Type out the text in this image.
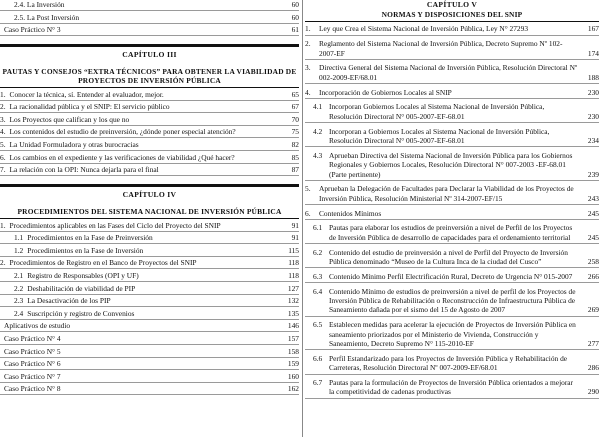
2.4. La Inversión	60
2.5. La Post Inversión	60
Caso Práctico N° 3	61
CAPÍTULO III
PAUTAS Y CONSEJOS “EXTRA TÉCNICOS” PARA OBTENER LA VIABILIDAD DE PROYECTOS DE INVERSIÓN PÚBLICA
1. Conocer la técnica, sí. Entender al evaluador, mejor.	65
2. La racionalidad pública y el SNIP: El servicio público	67
3. Los Proyectos que califican y los que no	70
4. Los contenidos del estudio de preinversión, ¿dónde poner especial atención?	75
5. La Unidad Formuladora y otras burocracias	82
6. Los cambios en el expediente y las verificaciones de viabilidad ¿Qué hacer?	85
7. La relación con la OPI: Nunca dejarla para el final	87
CAPÍTULO IV
PROCEDIMIENTOS DEL SISTEMA NACIONAL DE INVERSIÓN PÚBLICA
1. Procedimientos aplicables en las Fases del Ciclo del Proyecto del SNIP	91
1.1 Procedimientos en la Fase de Preinversión	91
1.2 Procedimientos en la Fase de Inversión	115
2. Procedimientos de Registro en el Banco de Proyectos del SNIP	118
2.1 Registro de Responsables (OPI y UF)	118
2.2 Deshabilitación de viabilidad de PIP	127
2.3 La Desactivación de los PIP	132
2.4 Suscripción y registro de Convenios	135
Aplicativos de estudio	146
Caso Práctico N° 4	157
Caso Práctico N° 5	158
Caso Práctico N° 6	159
Caso Práctico N° 7	160
Caso Práctico N° 8	162
CAPÍTULO V
NORMAS Y DISPOSICIONES DEL SNIP
1.	Ley que Crea el Sistema Nacional de Inversión Pública, Ley N° 27293	167
2.	Reglamento del Sistema Nacional de Inversión Pública, Decreto Supremo Nº 102-2007-EF	174
3.	Directiva General del Sistema Nacional de Inversión Pública, Resolución Directoral Nº 002-2009-EF/68.01	188
4.	Incorporación de Gobiernos Locales al SNIP	230
4.1 Incorporan Gobiernos Locales al Sistema Nacional de Inversión Pública, Resolución Directoral N° 005-2007-EF-68.01	230
4.2 Incorporan a Gobiernos Locales al Sistema Nacional de Inversión Pública, Resolución Directoral N° 005-2007-EF-68.01	234
4.3 Aprueban Directiva del Sistema Nacional de Inversión Pública para los Gobiernos Regionales y Gobiernos Locales, Resolución Directoral N° 007-2003 -EF-68.01 (Parte pertinente)	239
5.	Aprueban la Delegación de Facultades para Declarar la Viabilidad de los Proyectos de Inversión Pública, Resolución Ministerial Nº 314-2007-EF/15	243
6.	Contenidos Mínimos	245
6.1 Pautas para elaborar los estudios de preinversión a nivel de Perfil de los Proyectos de Inversión Pública de desarrollo de capacidades para el ordenamiento territorial	245
6.2 Contenido del estudio de preinversión a nivel de Perfil del Proyecto de Inversión Pública denominado “Museo de la Cultura Inca de la ciudad del Cusco”	258
6.3 Contenido Mínimo Perfil Electrificación Rural, Decreto de Urgencia N° 015-2007	266
6.4 Contenido Mínimo de estudios de preinversión a nivel de perfil de los Proyectos de Inversión Pública de Rehabilitación o Reconstrucción de Infraestructura Pública de Saneamiento dañada por el sismo del 15 de Agosto de 2007	269
6.5 Establecen medidas para acelerar la ejecución de Proyectos de Inversión Pública en saneamiento priorizados por el Ministerio de Vivienda, Construcción y Saneamiento, Decreto Supremo N° 115-2010-EF	277
6.6 Perfil Estandarizado para los Proyectos de Inversión Pública y Rehabilitación de Carreteras, Resolución Directoral Nº 007-2009-EF/68.01	286
6.7 Pautas para la formulación de Proyectos de Inversión Pública orientados a mejorar la competitividad de cadenas productivas	290
